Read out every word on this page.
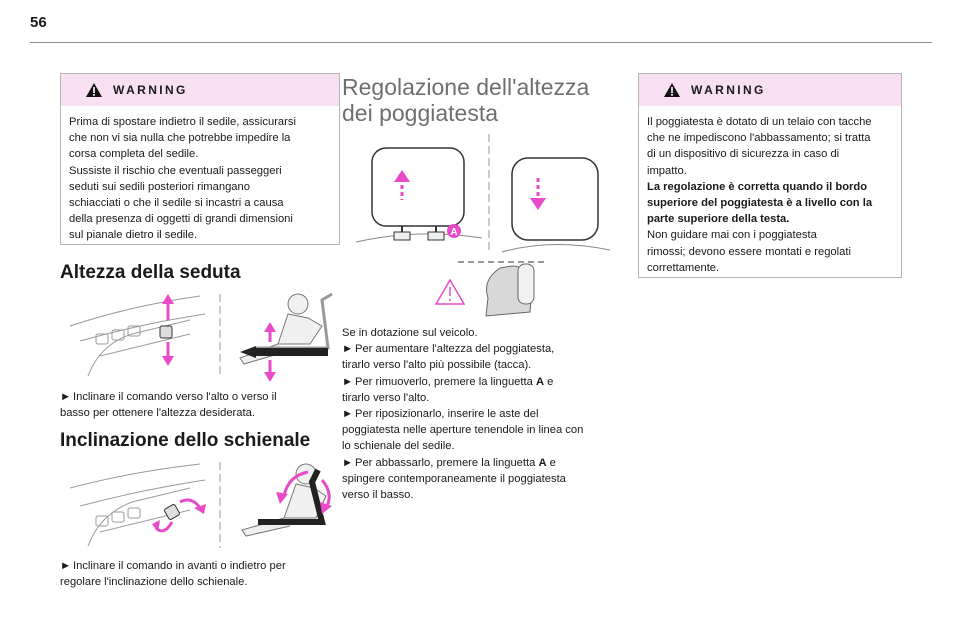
56
WARNING

Prima di spostare indietro il sedile, assicurarsi

che non vi sia nulla che potrebbe impedire la

corsa completa del sedile.

Sussiste il rischio che eventuali passeggeri

seduti sui sedili posteriori rimangano

schiacciati o che il sedile si incastri a causa

della presenza di oggetti di grandi dimensioni

sul pianale dietro il sedile.

Altezza della seduta

► Inclinare il comando verso l'alto o verso il

basso per ottenere l'altezza desiderata.

Inclinazione dello schienale

► Inclinare il comando in avanti o indietro per

regolare l'inclinazione dello schienale.

Regolazione dell'altezza
dei poggiatesta
A

Se in dotazione sul veicolo.

► Per aumentare l'altezza del poggiatesta,

tirarlo verso l'alto più possibile (tacca).

► Per rimuoverlo, premere la linguetta A e

tirarlo verso l'alto.

► Per riposizionarlo, inserire le aste del

poggiatesta nelle aperture tenendole in linea con

lo schienale del sedile.

► Per abbassarlo, premere la linguetta A e

spingere contemporaneamente il poggiatesta

verso il basso.

WARNING

Il poggiatesta è dotato di un telaio con tacche

che ne impediscono l'abbassamento; si tratta

di un dispositivo di sicurezza in caso di

impatto.

La regolazione è corretta quando il bordo

superiore del poggiatesta è a livello con la

parte superiore della testa.

Non guidare mai con i poggiatesta

rimossi; devono essere montati e regolati

correttamente.
